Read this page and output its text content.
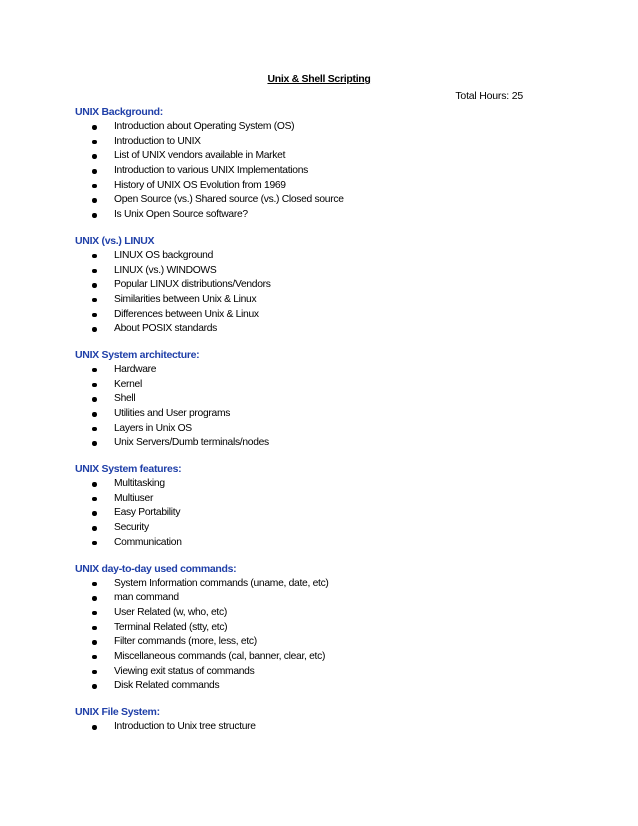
Unix & Shell Scripting
Total Hours: 25
UNIX Background:
Introduction about Operating System (OS)
Introduction to UNIX
List of UNIX vendors available in Market
Introduction to various UNIX Implementations
History of UNIX OS Evolution from 1969
Open Source (vs.) Shared source (vs.) Closed source
Is Unix Open Source software?
UNIX (vs.) LINUX
LINUX OS background
LINUX (vs.) WINDOWS
Popular LINUX distributions/Vendors
Similarities between Unix & Linux
Differences between Unix & Linux
About POSIX standards
UNIX System architecture:
Hardware
Kernel
Shell
Utilities and User programs
Layers in Unix OS
Unix Servers/Dumb terminals/nodes
UNIX System features:
Multitasking
Multiuser
Easy Portability
Security
Communication
UNIX day-to-day used commands:
System Information commands (uname, date, etc)
man command
User Related (w, who, etc)
Terminal Related (stty, etc)
Filter commands (more, less, etc)
Miscellaneous commands (cal, banner, clear, etc)
Viewing exit status of commands
Disk Related commands
UNIX File System:
Introduction to Unix tree structure
